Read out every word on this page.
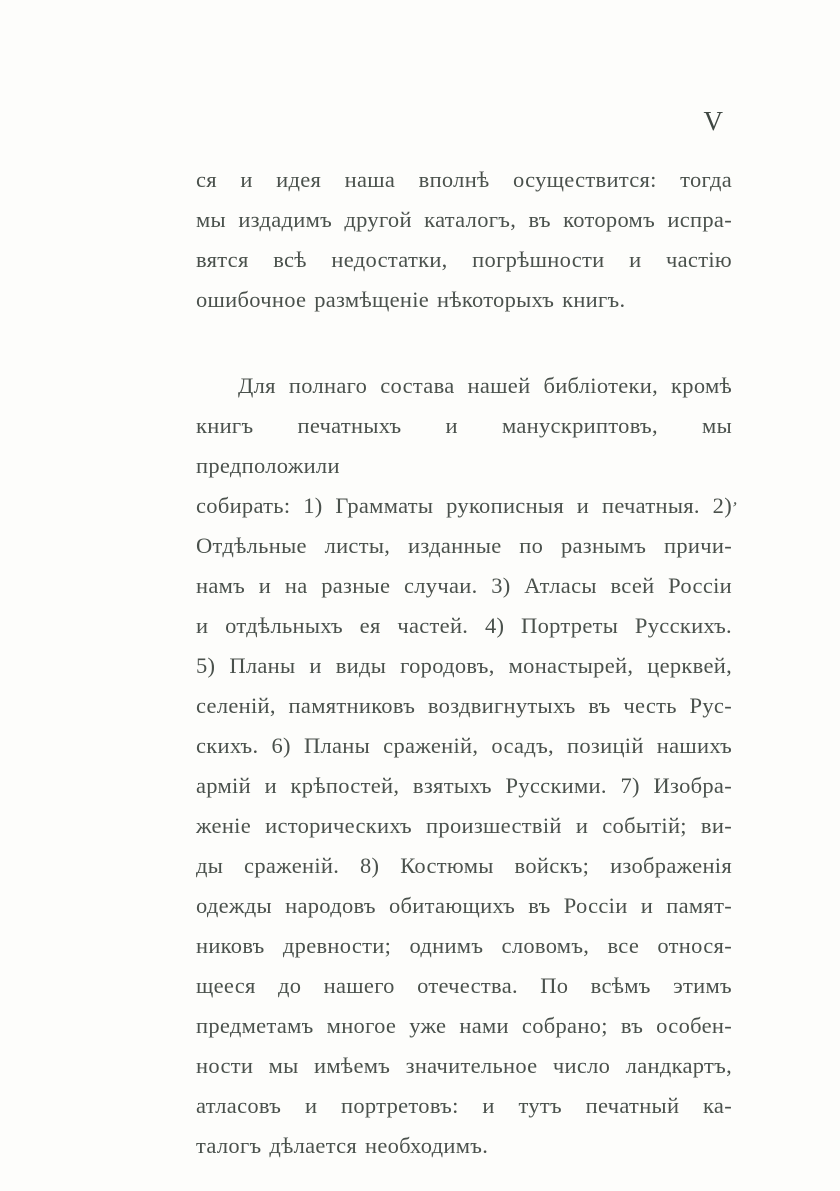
V
ся и идея наша вполнѣ осуществится: тогда
мы издадимъ другой каталогъ, въ которомъ испра-
вятся всѣ недостатки, погрѣшности и частію
ошибочное размѣщеніе нѣкоторыхъ книгъ.
Для полнаго состава нашей библіотеки, кромѣ
книгъ печатныхъ и манускриптовъ, мы предположили
собирать: 1) Грамматы рукописныя и печатныя. 2)
Отдѣльные листы, изданные по разнымъ причи-
намъ и на разные случаи. 3) Атласы всей Россіи
и отдѣльныхъ ея частей. 4) Портреты Русскихъ.
5) Планы и виды городовъ, монастырей, церквей,
селеній, памятниковъ воздвигнутыхъ въ честь Рус-
скихъ. 6) Планы сраженій, осадъ, позицій нашихъ
армій и крѣпостей, взятыхъ Русскими. 7) Изобра-
женіе историческихъ произшествій и событій; ви-
ды сраженій. 8) Костюмы войскъ; изображенія
одежды народовъ обитающихъ въ Россіи и памят-
никовъ древности; однимъ словомъ, все относя-
щееся до нашего отечества. По всѣмъ этимъ
предметамъ многое уже нами собрано; въ особен-
ности мы имѣемъ значительное число ландкартъ,
атласовъ и портретовъ: и тутъ печатный ка-
талогъ дѣлается необходимъ.
ʼ
